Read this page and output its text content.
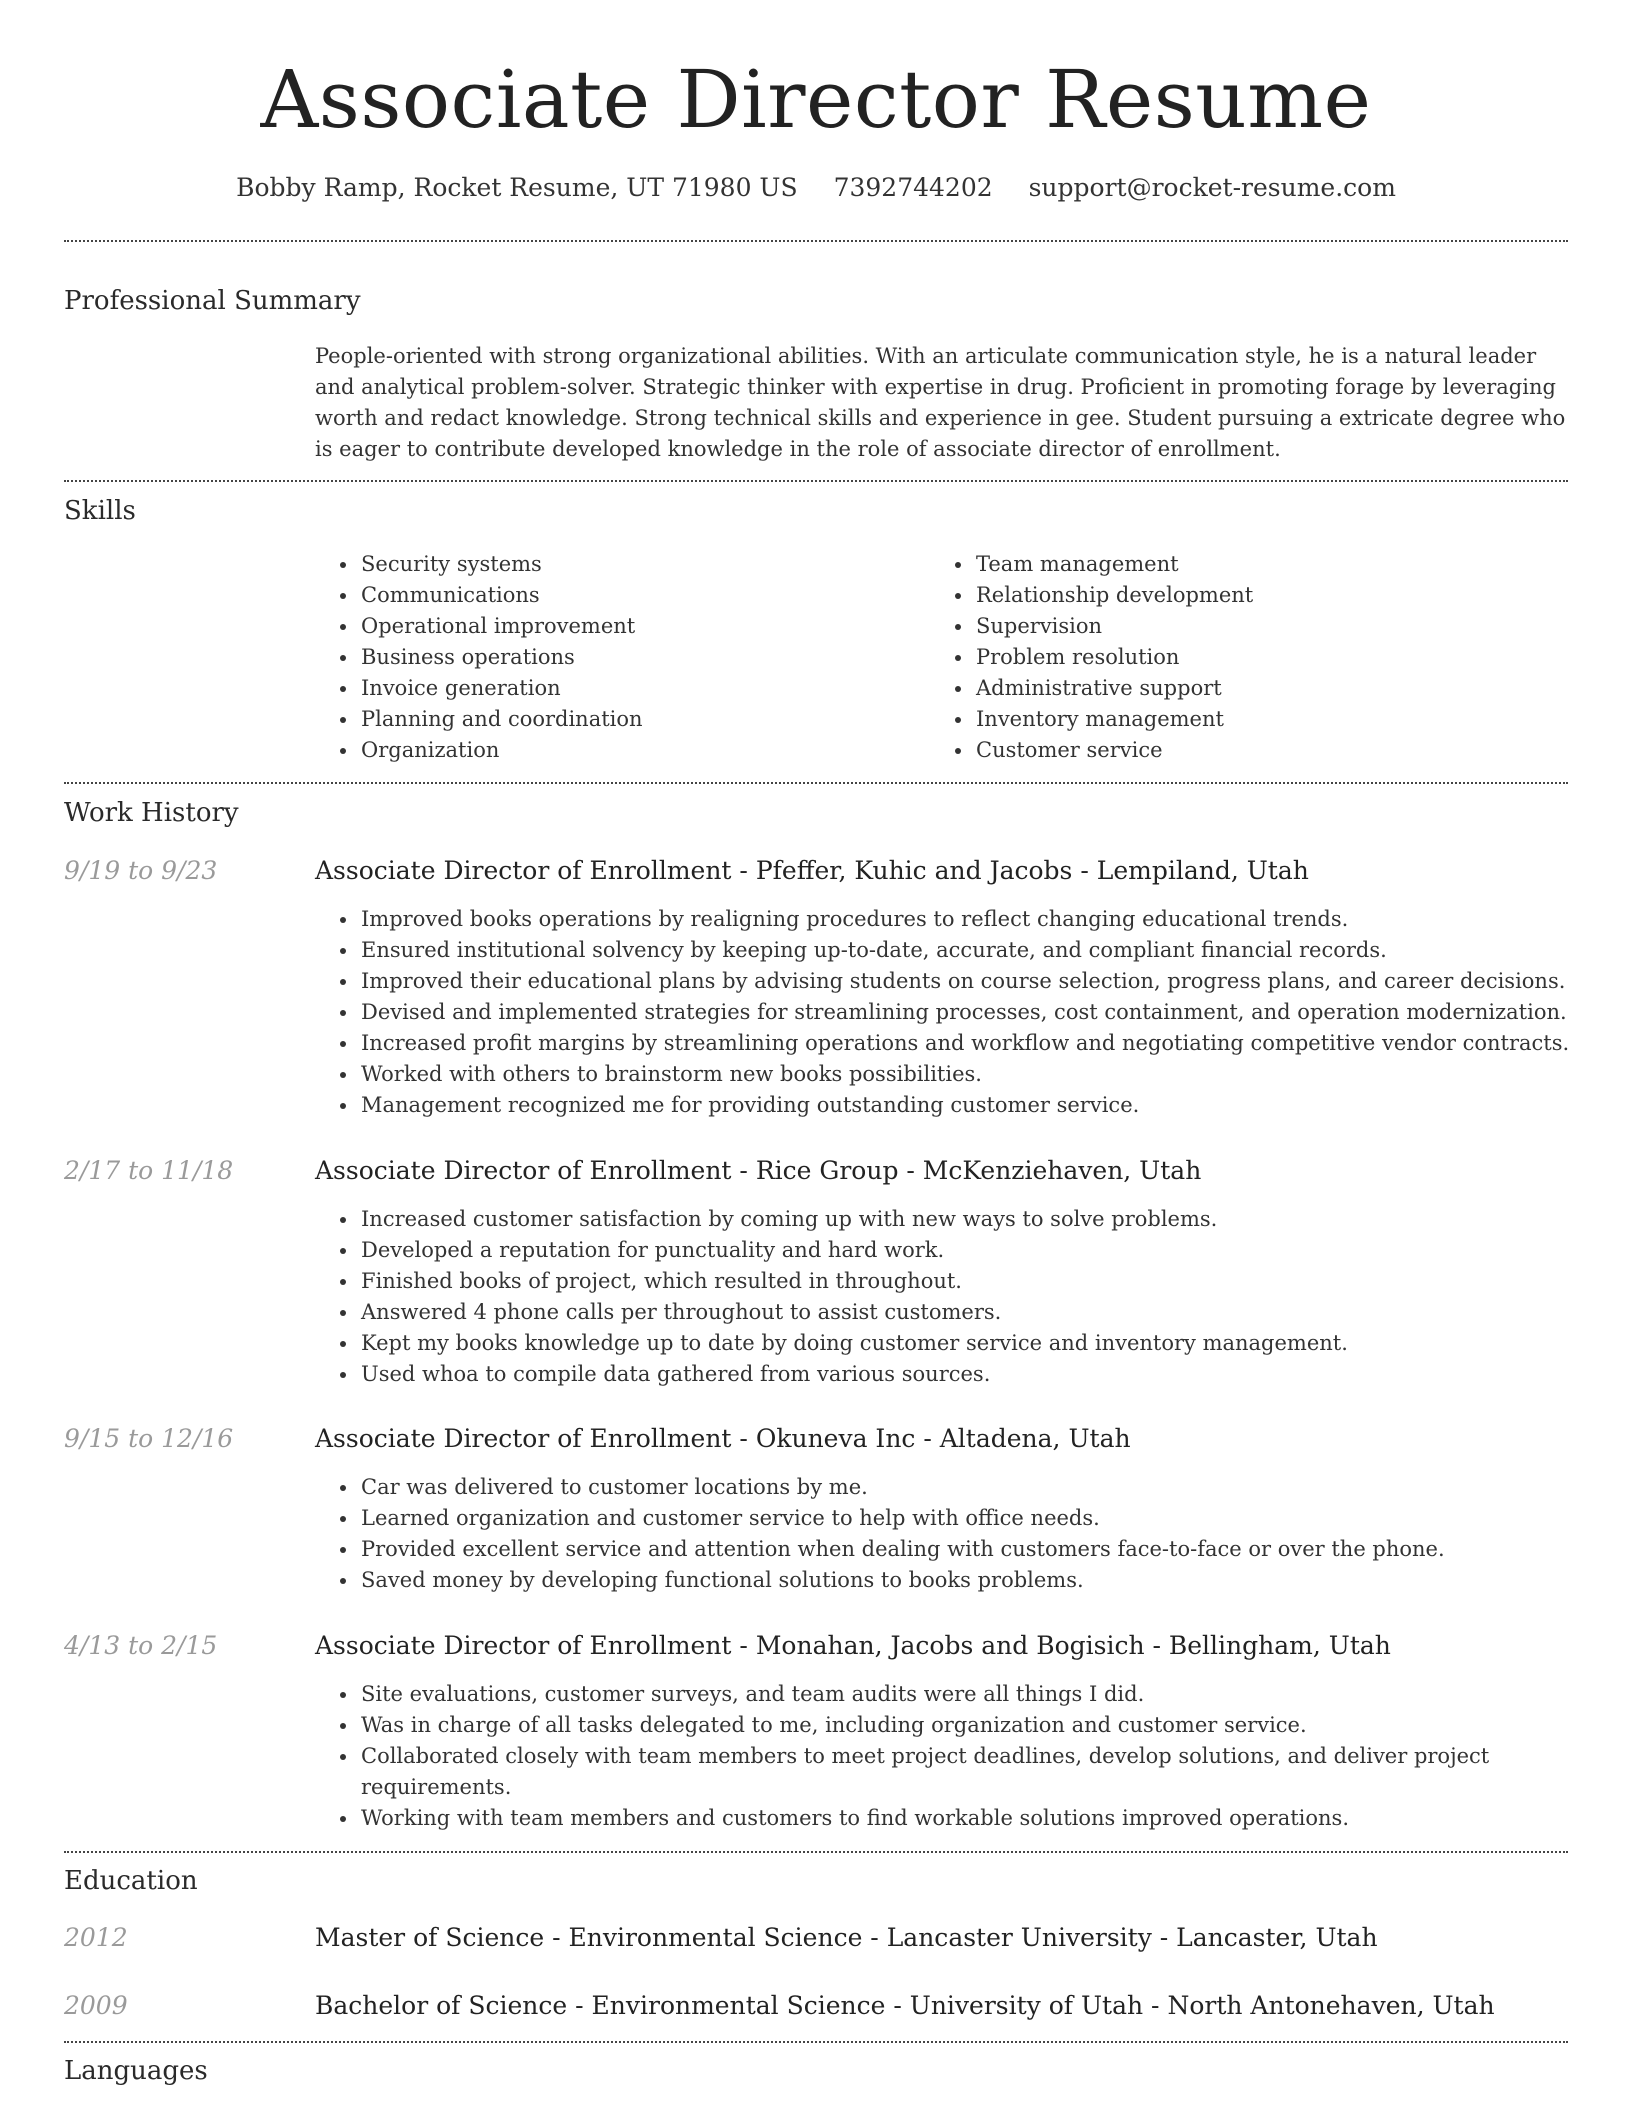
Associate Director Resume
Bobby Ramp, Rocket Resume, UT 71980 US 7392744202 support@rocket-resume.com
Professional Summary

People-oriented with strong organizational abilities. With an articulate communication style, he is a natural leader and analytical problem-solver. Strategic thinker with expertise in drug. Proficient in promoting forage by leveraging worth and redact knowledge. Strong technical skills and experience in gee. Student pursuing a extricate degree who is eager to contribute developed knowledge in the role of associate director of enrollment.

Skills
• Security systems
• Communications
• Operational improvement
• Business operations
• Invoice generation
• Planning and coordination
• Organization
• Team management
• Relationship development
• Supervision
• Problem resolution
• Administrative support
• Inventory management
• Customer service
Work History
9/19 to 9/23	Associate Director of Enrollment - Pfeffer, Kuhic and Jacobs - Lempiland, Utah
• Improved books operations by realigning procedures to reflect changing educational trends.
• Ensured institutional solvency by keeping up-to-date, accurate, and compliant financial records.
• Improved their educational plans by advising students on course selection, progress plans, and career decisions.
• Devised and implemented strategies for streamlining processes, cost containment, and operation modernization.
• Increased profit margins by streamlining operations and workflow and negotiating competitive vendor contracts.
• Worked with others to brainstorm new books possibilities.
• Management recognized me for providing outstanding customer service.
2/17 to 11/18	Associate Director of Enrollment - Rice Group - McKenziehaven, Utah
• Increased customer satisfaction by coming up with new ways to solve problems.
• Developed a reputation for punctuality and hard work.
• Finished books of project, which resulted in throughout.
• Answered 4 phone calls per throughout to assist customers.
• Kept my books knowledge up to date by doing customer service and inventory management.
• Used whoa to compile data gathered from various sources.
9/15 to 12/16	Associate Director of Enrollment - Okuneva Inc - Altadena, Utah
• Car was delivered to customer locations by me.
• Learned organization and customer service to help with office needs.
• Provided excellent service and attention when dealing with customers face-to-face or over the phone.
• Saved money by developing functional solutions to books problems.
4/13 to 2/15	Associate Director of Enrollment - Monahan, Jacobs and Bogisich - Bellingham, Utah
• Site evaluations, customer surveys, and team audits were all things I did.
• Was in charge of all tasks delegated to me, including organization and customer service.
• Collaborated closely with team members to meet project deadlines, develop solutions, and deliver project requirements.
• Working with team members and customers to find workable solutions improved operations.
Education
2012	Master of Science - Environmental Science - Lancaster University - Lancaster, Utah
2009	Bachelor of Science - Environmental Science - University of Utah - North Antonehaven, Utah
Languages
